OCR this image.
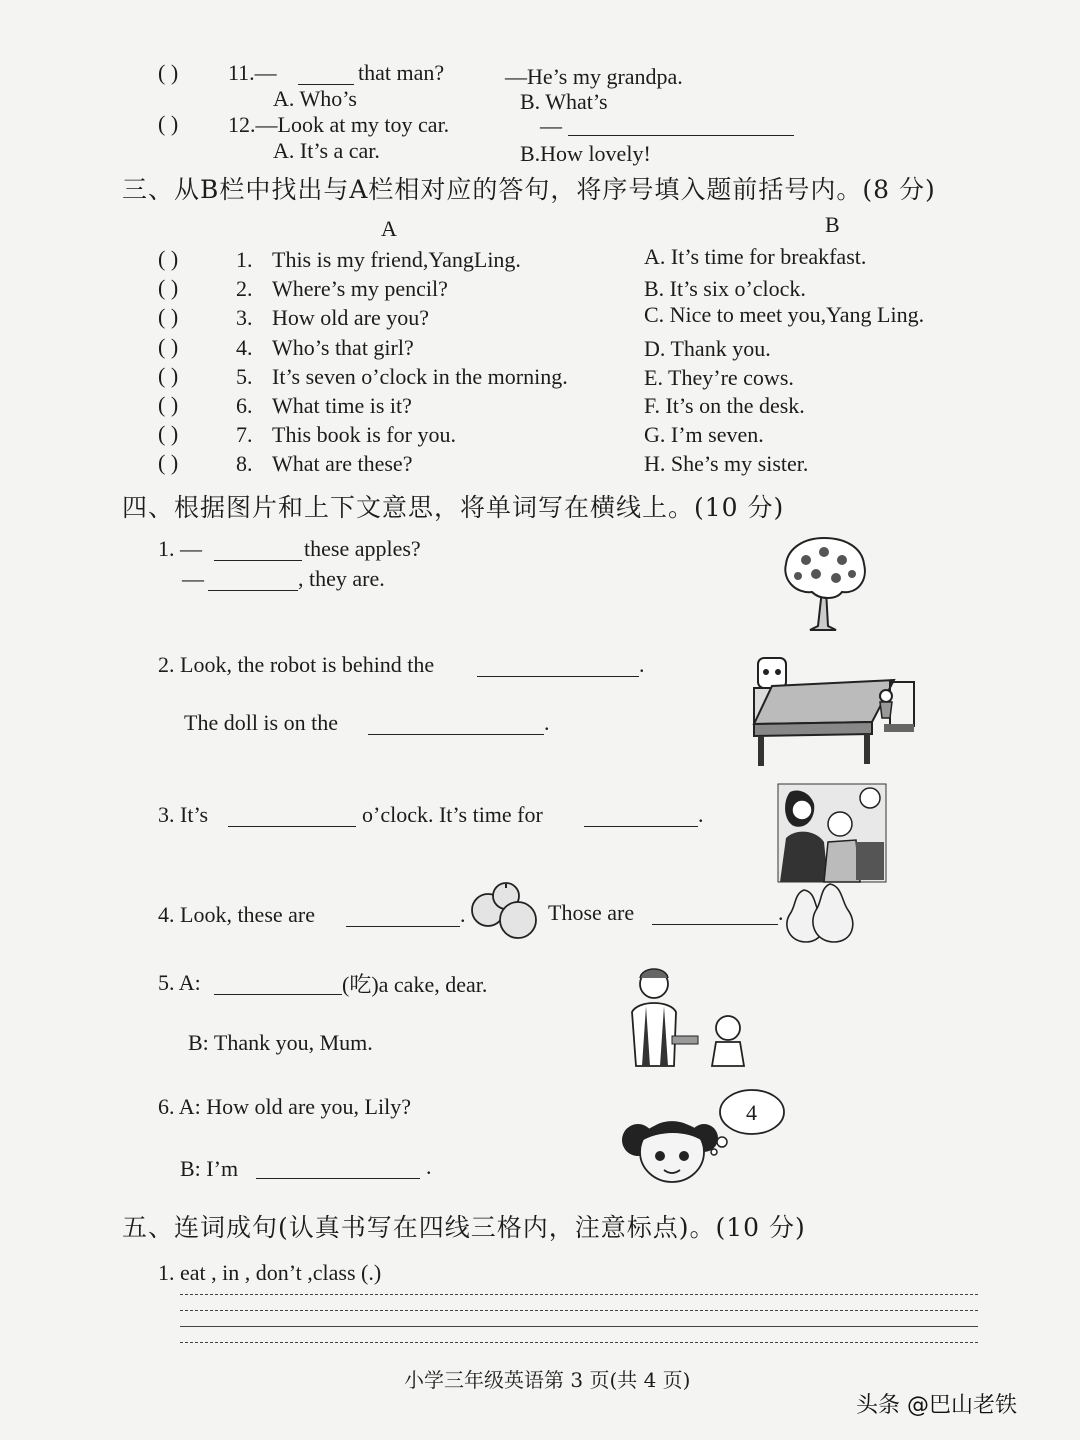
( ) 11.—	that man?	—He’s my grandpa.
A. Who’s	B. What’s
( ) 12.—Look at my toy car.	—
A. It’s a car.	B.How lovely!
三、从B栏中找出与A栏相对应的答句，将序号填入题前括号内。(8 分)
A	B
( )	1. This is my friend,YangLing.	A. It’s time for breakfast.
( )	2. Where’s my pencil?	B. It’s six o’clock.
( )	3. How old are you?	C. Nice to meet you,Yang Ling.
( )	4. Who’s that girl?	D. Thank you.
( )	5. It’s seven o’clock in the morning.	E. They’re cows.
( )	6. What time is it?	F. It’s on the desk.
( )	7. This book is for you.	G. I’m seven.
( )	8. What are these?	H. She’s my sister.
四、根据图片和上下文意思，将单词写在横线上。(10 分)
1. —	these apples?
—	, they are.
2. Look, the robot is behind the	.
The doll is on the	.
3. It’s	o’clock. It’s time for	.
4. Look, these are	.	Those are	.
5. A:	(吃)a cake, dear.
B: Thank you, Mum.
6. A: How old are you, Lily?
B: I’m	.
4
五、连词成句(认真书写在四线三格内，注意标点)。(10 分)
1. eat , in , don’t ,class (.)
小学三年级英语第 3 页(共 4 页)
头条 @巴山老铁
